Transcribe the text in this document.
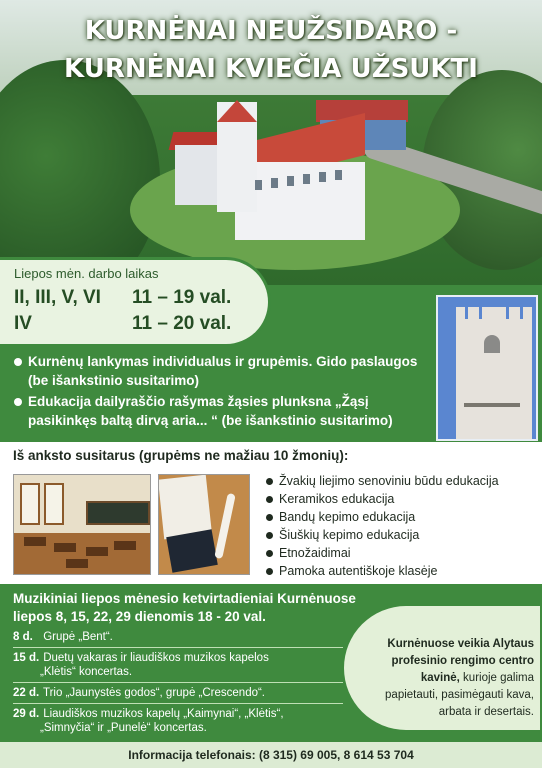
KURNĖNAI NEUŽSIDARO -
KURNĖNAI KVIEČIA UŽSUKTI
Liepos mėn. darbo laikas
II, III, V, VI 11 – 19 val.
IV	11 – 20 val.
Kurnėnų lankymas individualus ir grupėmis. Gido paslaugos (be išankstinio susitarimo)
Edukacija dailyraščio rašymas žąsies plunksna „Žąsį pasikinkęs baltą dirvą aria... “ (be išankstinio susitarimo)
Iš anksto susitarus (grupėms ne mažiau 10 žmonių):
Žvakių liejimo senoviniu būdu edukacija
Keramikos edukacija
Bandų kepimo edukacija
Šiuškių kepimo edukacija
Etnožaidimai
Pamoka autentiškoje klasėje
Muzikiniai liepos mėnesio ketvirtadieniai Kurnėnuose
liepos 8, 15, 22, 29 dienomis 18 - 20 val.
8 d. Grupė „Bent“.
15 d. Duetų vakaras ir liaudiškos muzikos kapelos
„Klėtis“ koncertas.
22 d. Trio „Jaunystės godos“, grupė „Crescendo“.
29 d. Liaudiškos muzikos kapelų „Kaimynai“, „Klėtis“,
„Simnyčia“ ir „Punelė“ koncertas.
Kurnėnuose veikia Alytaus profesinio rengimo centro kavinė, kurioje galima papietauti, pasimėgauti kava, arbata ir desertais.
Informacija telefonais: (8 315) 69 005, 8 614 53 704
